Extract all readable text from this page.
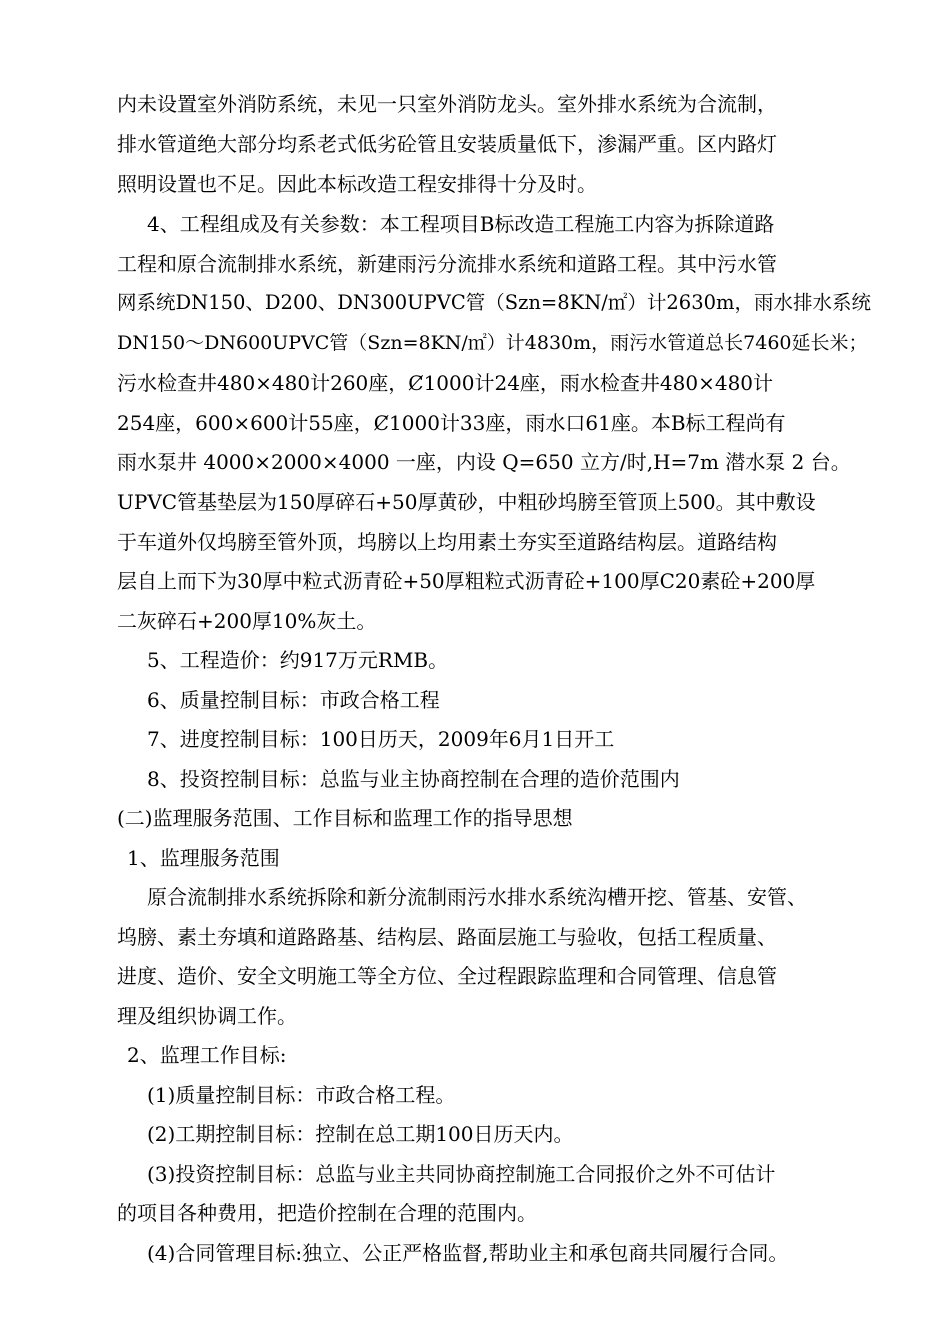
内未设置室外消防系统，未见一只室外消防龙头。室外排水系统为合流制，
排水管道绝大部分均系老式低劣砼管且安装质量低下，渗漏严重。区内路灯
照明设置也不足。因此本标改造工程安排得十分及时。
4、工程组成及有关参数：本工程项目B标改造工程施工内容为拆除道路
工程和原合流制排水系统，新建雨污分流排水系统和道路工程。其中污水管
网系统DN150、D200、DN300UPVC管（Szn=8KN/㎡）计2630m，雨水排水系统
DN150～DN600UPVC管（Szn=8KN/㎡）计4830m，雨污水管道总长7460延长米；
污水检查井480×480计260座，Ȼ1000计24座，雨水检查井480×480计
254座，600×600计55座，Ȼ1000计33座，雨水口61座。本B标工程尚有
雨水泵井 4000×2000×4000 一座，内设 Q=650 立方/时,H=7m 潜水泵 2 台。
UPVC管基垫层为150厚碎石+50厚黄砂，中粗砂坞膀至管顶上500。其中敷设
于车道外仅坞膀至管外顶，坞膀以上均用素土夯实至道路结构层。道路结构
层自上而下为30厚中粒式沥青砼+50厚粗粒式沥青砼+100厚C20素砼+200厚
二灰碎石+200厚10%灰土。
5、工程造价：约917万元RMB。
6、质量控制目标：市政合格工程
7、进度控制目标：100日历天，2009年6月1日开工
8、投资控制目标：总监与业主协商控制在合理的造价范围内
(二)监理服务范围、工作目标和监理工作的指导思想
1、监理服务范围
原合流制排水系统拆除和新分流制雨污水排水系统沟槽开挖、管基、安管、
坞膀、素土夯填和道路路基、结构层、路面层施工与验收，包括工程质量、
进度、造价、安全文明施工等全方位、全过程跟踪监理和合同管理、信息管
理及组织协调工作。
2、监理工作目标:
(1)质量控制目标：市政合格工程。
(2)工期控制目标：控制在总工期100日历天内。
(3)投资控制目标：总监与业主共同协商控制施工合同报价之外不可估计
的项目各种费用，把造价控制在合理的范围内。
(4)合同管理目标:独立、公正严格监督,帮助业主和承包商共同履行合同。
